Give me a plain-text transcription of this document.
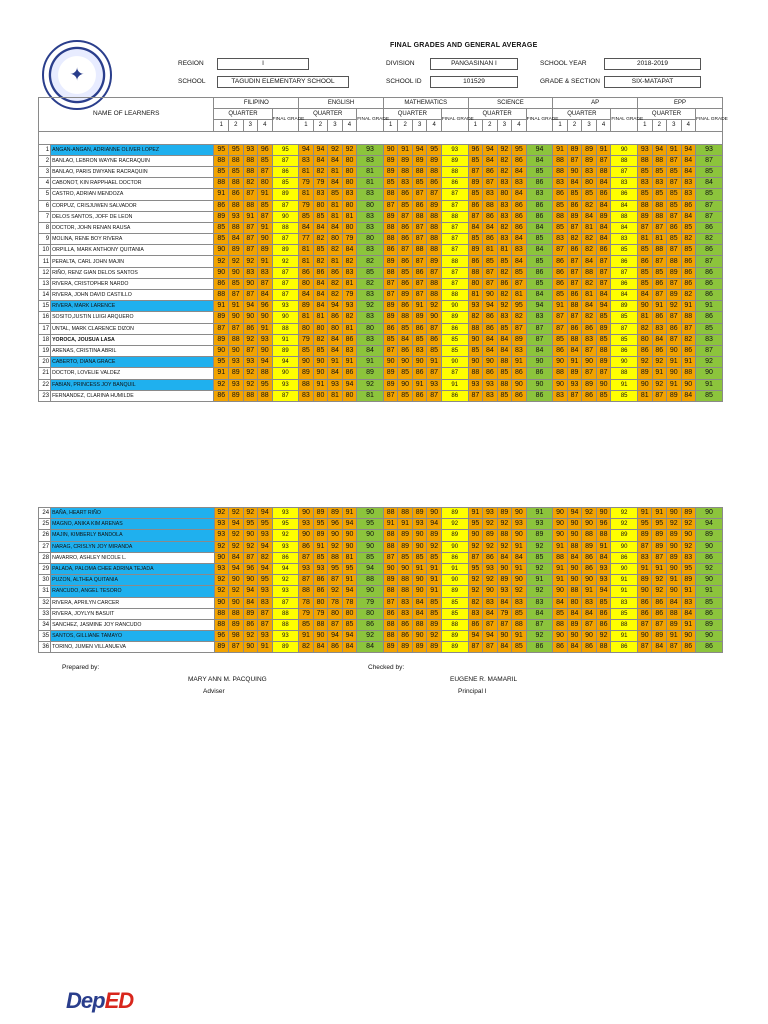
✦
FINAL GRADES AND GENERAL AVERAGE
REGION	I	DIVISION	PANGASINAN I	SCHOOL YEAR	2018-2019
SCHOOL	TAGUDIN ELEMENTARY SCHOOL	SCHOOL ID	101529	GRADE & SECTION	SIX-MATAPAT
NAME OF LEARNERS		FILIPINO					ENGLISH					MATHEMATICS					SCIENCE					AP					EPP				
		QUARTER				FINAL GRADE	QUARTER				FINAL GRADE	QUARTER				FINAL GRADE	QUARTER				FINAL GRADE	QUARTER				FINAL GRADE	QUARTER				FINAL GRADE
		1	2	3	4		1	2	3	4		1	2	3	4		1	2	3	4		1	2	3	4		1	2	3	4	

1	ANGAN-ANGAN, ADRIANNE OLIVER LOPEZ	95	95	93	96	95	94	94	92	92	93	90	91	94	95	93	96	94	92	95	94	91	89	89	91	90	93	94	91	94	93
2	BANLAO, LEBRON WAYNE RACRAQUIN	88	88	88	85	87	83	84	84	80	83	89	89	89	89	89	85	84	82	86	84	88	87	89	87	88	88	88	87	84	87
3	BANLAO, PARIS DWYANE RACRAQUIN	85	85	88	87	86	81	82	81	80	81	89	88	88	88	88	87	86	82	84	85	88	90	83	88	87	85	85	85	84	85
4	CABONOT, KIN RAPPHAEL DOCTOR	88	88	82	80	85	79	79	84	80	81	85	83	85	86	86	89	87	83	83	86	83	84	80	84	83	83	83	87	83	84
5	CASTRO, ADRIAN MENDOZA	91	86	87	91	89	81	83	85	83	83	88	86	87	87	87	85	83	80	84	83	86	85	85	86	86	85	85	85	83	85
6	CORPUZ, CRISJUWEN SALVADOR	86	88	88	85	87	79	80	81	80	80	87	85	86	89	87	86	88	83	86	86	85	86	82	84	84	88	88	85	86	87
7	DELOS SANTOS, JOFF DE LEON	89	93	91	87	90	85	85	81	81	83	89	87	88	88	88	87	86	83	86	86	88	89	84	89	88	89	88	87	84	87
8	DOCTOR, JOHN RENAN RAUSA	85	88	87	91	88	84	84	84	80	83	88	86	87	88	87	84	84	82	86	84	85	87	81	84	84	87	87	86	85	86
9	MOLINA, RENE BOY RIVERA	85	84	87	90	87	77	82	80	79	80	88	86	87	88	87	85	86	83	84	85	83	82	82	84	83	81	81	85	82	82
10	ORPILLA, MARK ANTHONY QUITANIA	90	89	87	89	89	81	85	82	84	83	86	87	88	88	87	89	81	81	83	84	87	86	82	86	85	85	88	87	85	86
11	PERALTA, CARL JOHN MAJIN	92	92	92	91	92	81	82	81	82	82	89	86	87	89	88	86	85	85	84	85	86	87	84	87	86	86	87	88	86	87
12	RIÑO, RENZ GIAN DELOS SANTOS	90	90	83	83	87	86	86	86	83	85	88	85	86	87	87	88	87	82	85	86	86	87	88	87	87	85	85	89	86	86
13	RIVERA, CRISTOPHER NARDO	86	85	90	87	87	80	84	82	81	82	87	86	87	88	87	80	87	86	87	85	86	87	82	87	86	85	86	87	86	86
14	RIVERA, JOHN DAVID CASTILLO	88	87	87	84	87	84	84	82	79	83	87	89	87	88	88	81	90	82	81	84	85	86	81	84	84	84	87	89	82	86
15	RIVERA, MARK LARENCE	91	91	94	96	93	89	84	94	93	92	89	86	91	92	90	93	94	92	95	94	91	88	84	94	89	90	91	92	91	91
16	SOSITO,JUSTIN LUIGI ARQUERO	89	90	90	90	90	81	81	86	82	83	89	88	89	90	89	82	86	83	82	83	87	87	82	85	85	81	86	87	88	86
17	UNTAL, MARK CLARENCE DIZON	87	87	86	91	88	80	80	80	81	80	86	85	86	87	86	88	86	85	87	87	87	86	86	89	87	82	83	86	87	85
18	YOROCA, JOUSUA LASA	89	88	92	93	91	79	82	84	86	83	85	84	85	86	85	90	84	84	89	87	85	88	83	85	85	80	84	87	82	83
19	ARENAS, CRISTINA ABRIL	90	90	87	90	89	85	85	84	83	84	87	86	83	85	85	85	84	84	83	84	86	84	87	88	86	86	86	90	86	87
20	CABERTO, DIANA GRACE	95	93	93	94	94	90	90	91	91	91	90	90	90	91	90	90	90	88	91	90	90	91	90	89	90	92	92	91	91	92
21	DOCTOR, LOVELIE VALDEZ	91	89	92	88	90	89	90	84	86	89	89	85	86	87	87	88	86	85	86	86	88	89	87	87	88	89	91	90	88	90
22	FABIAN, PRINCESS JOY BANQUIL	92	93	92	95	93	88	91	93	94	92	89	90	91	93	91	93	93	88	90	90	90	93	89	90	91	90	92	91	90	91
23	FERNANDEZ, CLARINA HUMILDE	86	89	88	88	87	83	80	81	80	81	87	85	86	87	86	87	83	85	86	86	83	87	86	85	85	81	87	89	84	85
24	BAÑA, HEART RIÑO	92	92	92	94	93	90	89	89	91	90	88	88	89	90	89	91	93	89	90	91	90	94	92	90	92	91	91	90	89	90
25	MAGNO, ANIKA KIM ARENAS	93	94	95	95	95	93	95	96	94	95	91	91	93	94	92	95	92	92	93	93	90	90	90	96	92	95	95	92	92	94
26	MAJIN, KIMBERLY BANDOLA	93	92	90	93	92	90	89	90	90	90	88	89	90	89	89	90	89	88	90	89	90	90	88	88	89	89	89	89	90	89
27	NARAG, CRISLYN JOY MIRANDA	92	92	92	94	93	86	91	92	90	90	88	89	90	92	90	92	92	92	91	92	91	88	89	91	90	87	89	90	92	90
28	NAVARRO, ASHLEY NICOLE L.	90	84	87	82	86	87	85	88	81	85	87	85	85	85	86	87	86	84	84	85	88	84	86	84	86	83	87	89	83	86
29	PALADA, PALOMA CHEE ADRINA TEJADA	93	94	96	94	94	93	93	95	95	94	90	90	91	91	91	95	93	90	91	92	91	90	86	93	90	91	91	90	95	92
30	PUZON, ALTHEA QUITANIA	92	90	90	95	92	87	86	87	91	88	89	88	90	91	90	92	92	89	90	91	91	90	90	93	91	89	92	91	89	90
31	RANCUDO, ANGEL TESORO	92	92	94	93	93	88	86	92	94	90	88	88	90	91	89	92	90	93	92	92	90	88	91	94	91	90	92	90	91	91
32	RIVERA, APRILYN CARCER	90	90	84	83	87	78	80	78	78	79	87	83	84	85	85	82	83	84	83	83	84	80	83	85	83	86	86	84	83	85
33	RIVERA, JOYLYN BASUIT	88	88	89	87	88	79	79	80	80	80	86	83	84	85	85	83	84	79	85	84	85	84	84	86	85	86	86	88	84	86
34	SANCHEZ, JASMINE JOY RANCUDO	88	89	86	87	88	85	88	87	85	86	88	86	88	89	88	86	87	87	88	87	88	89	87	86	88	87	87	89	91	89
35	SANTOS, GILLIANE TAMAYO	96	98	92	93	93	91	90	94	94	92	88	86	90	92	89	94	94	90	91	92	90	90	90	92	91	90	89	91	90	90
36	TORINO, JUMEN VILLANUEVA	89	87	90	91	89	82	84	86	84	84	89	89	89	89	89	87	87	84	85	86	86	84	86	88	86	87	84	87	86	86
Prepared by:	Checked by:
MARY ANN M. PACQUING
Adviser
EUGENE R. MAMARIL
Principal I
DepED
